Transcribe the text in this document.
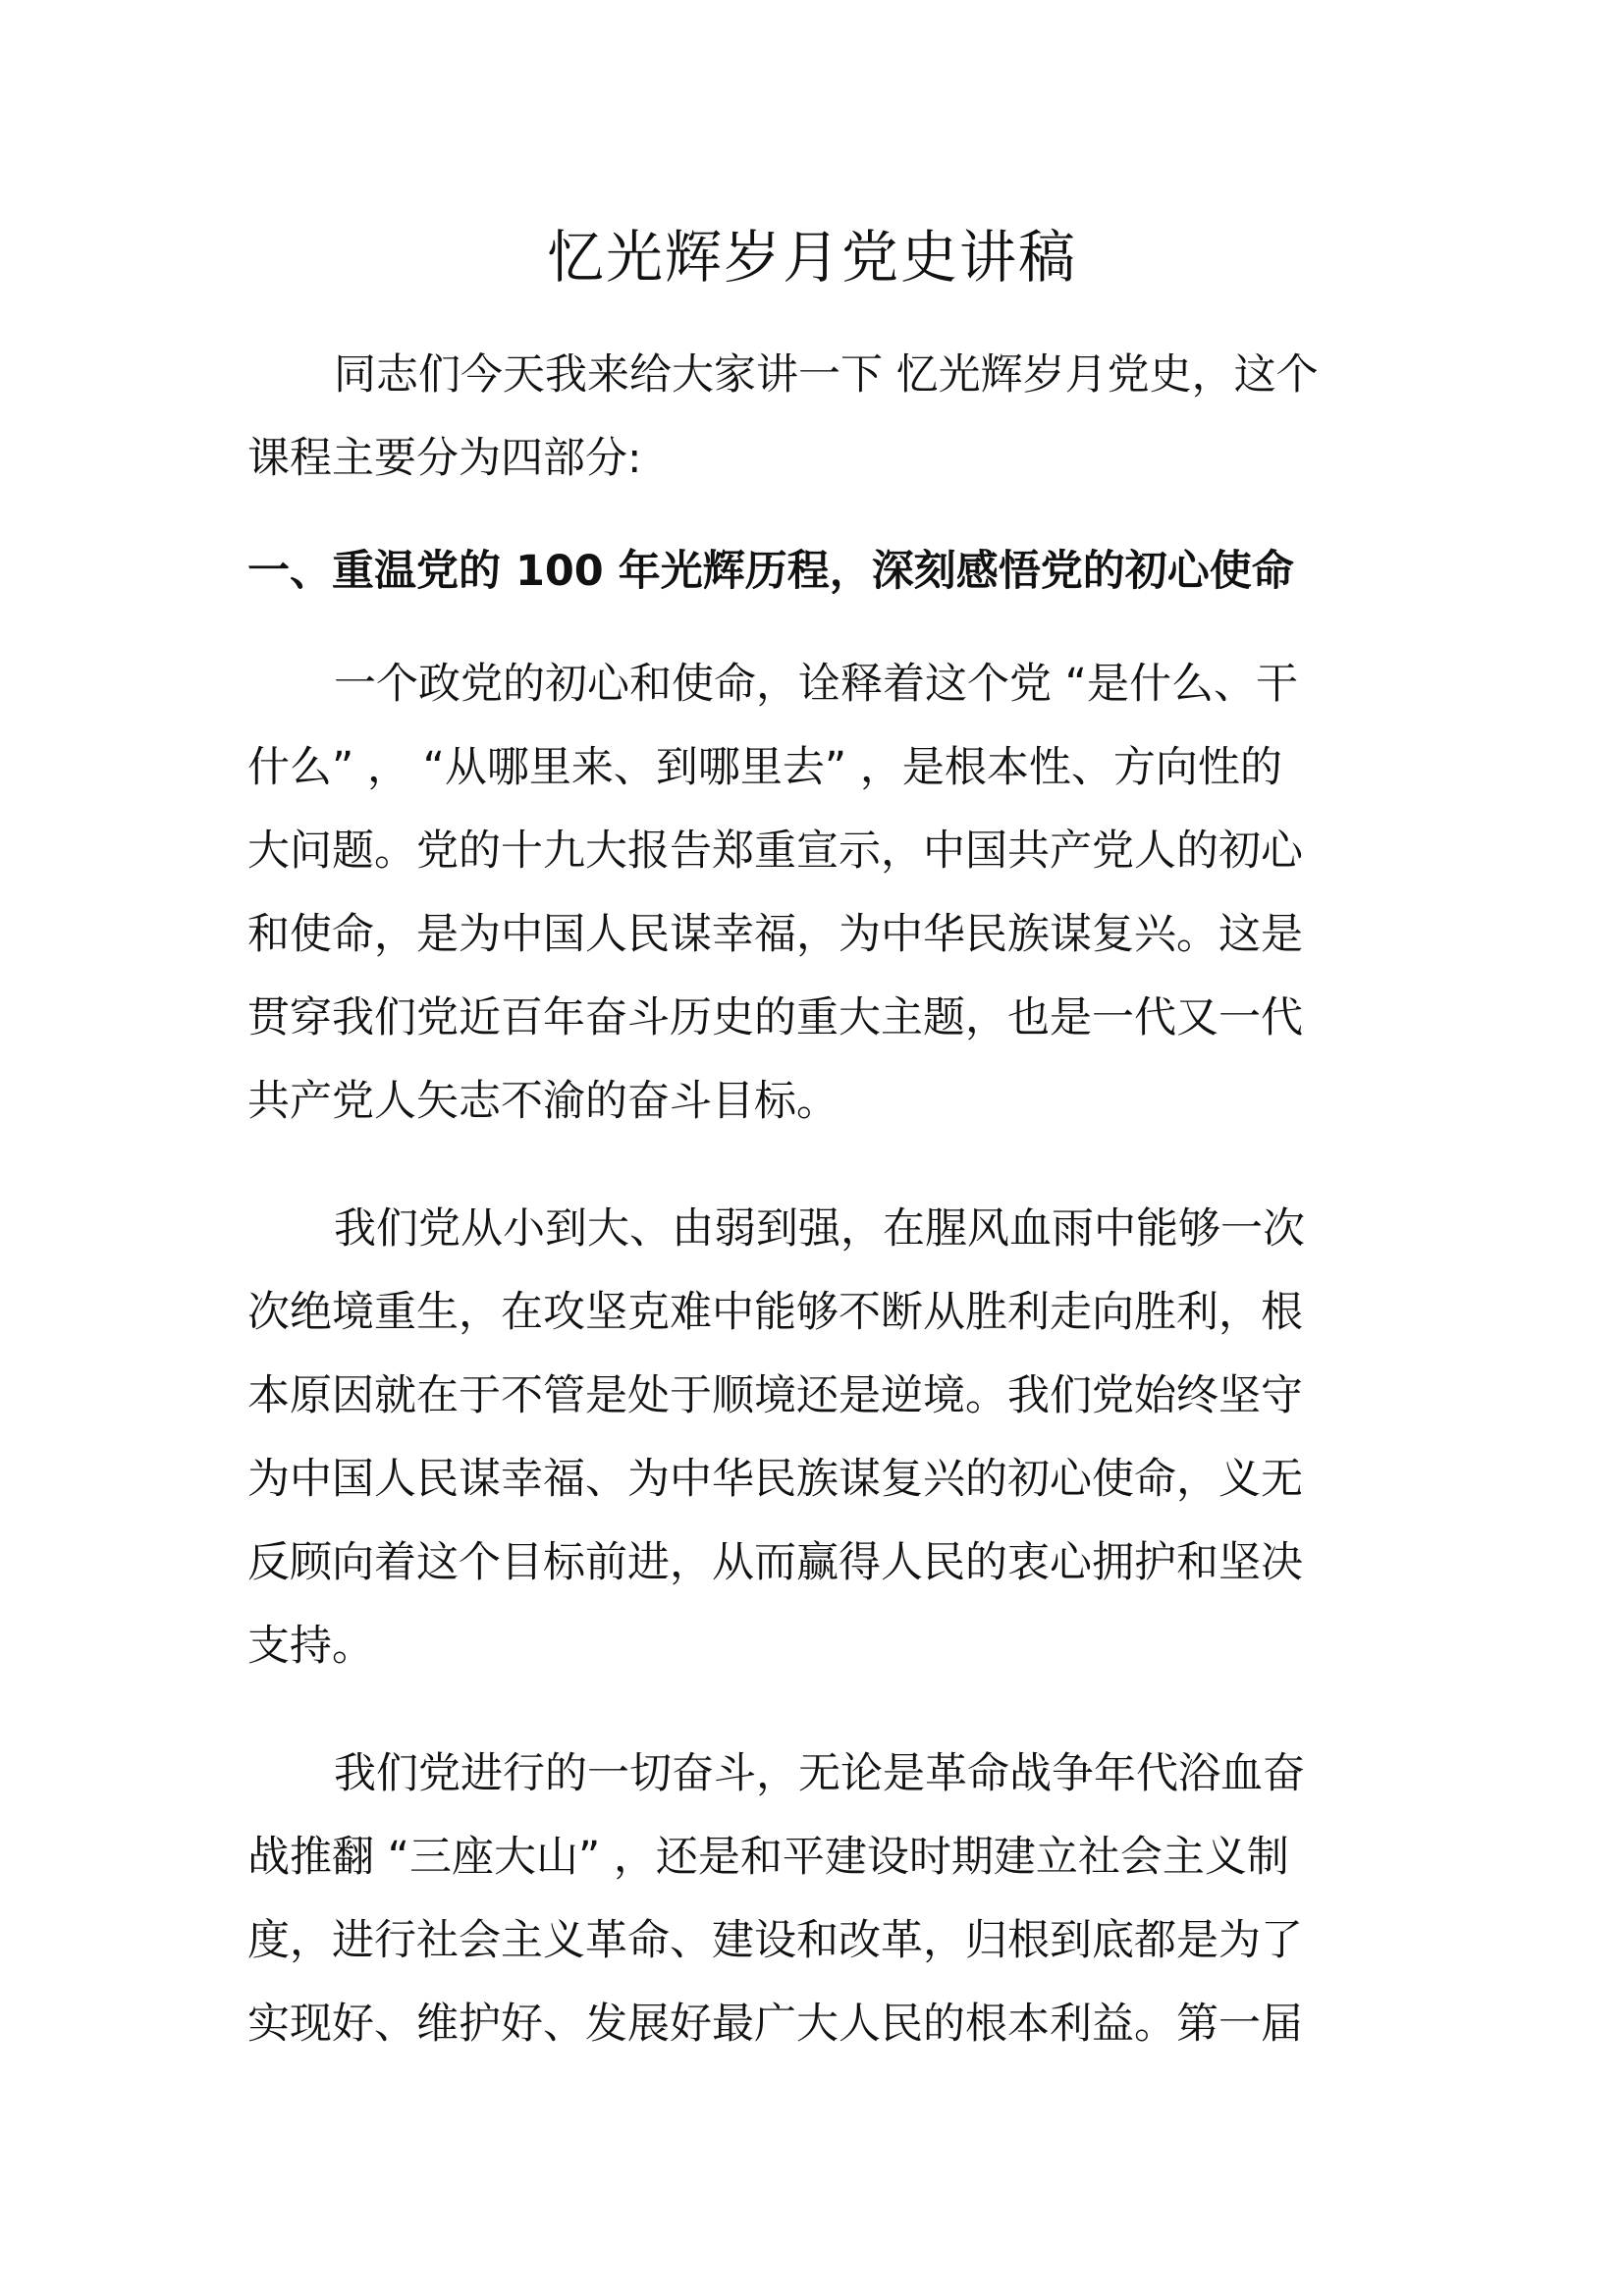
忆光辉岁月党史讲稿
同志们今天我来给大家讲一下 忆光辉岁月党史，这个
课程主要分为四部分:
一、重温党的 100 年光辉历程，深刻感悟党的初心使命
一个政党的初心和使命，诠释着这个党 “是什么、干
什么” ， “从哪里来、到哪里去” ，是根本性、方向性的
大问题。党的十九大报告郑重宣示，中国共产党人的初心
和使命，是为中国人民谋幸福，为中华民族谋复兴。这是
贯穿我们党近百年奋斗历史的重大主题，也是一代又一代
共产党人矢志不渝的奋斗目标。
我们党从小到大、由弱到强，在腥风血雨中能够一次
次绝境重生，在攻坚克难中能够不断从胜利走向胜利，根
本原因就在于不管是处于顺境还是逆境。我们党始终坚守
为中国人民谋幸福、为中华民族谋复兴的初心使命，义无
反顾向着这个目标前进，从而赢得人民的衷心拥护和坚决
支持。
我们党进行的一切奋斗，无论是革命战争年代浴血奋
战推翻 “三座大山” ，还是和平建设时期建立社会主义制
度，进行社会主义革命、建设和改革，归根到底都是为了
实现好、维护好、发展好最广大人民的根本利益。第一届
